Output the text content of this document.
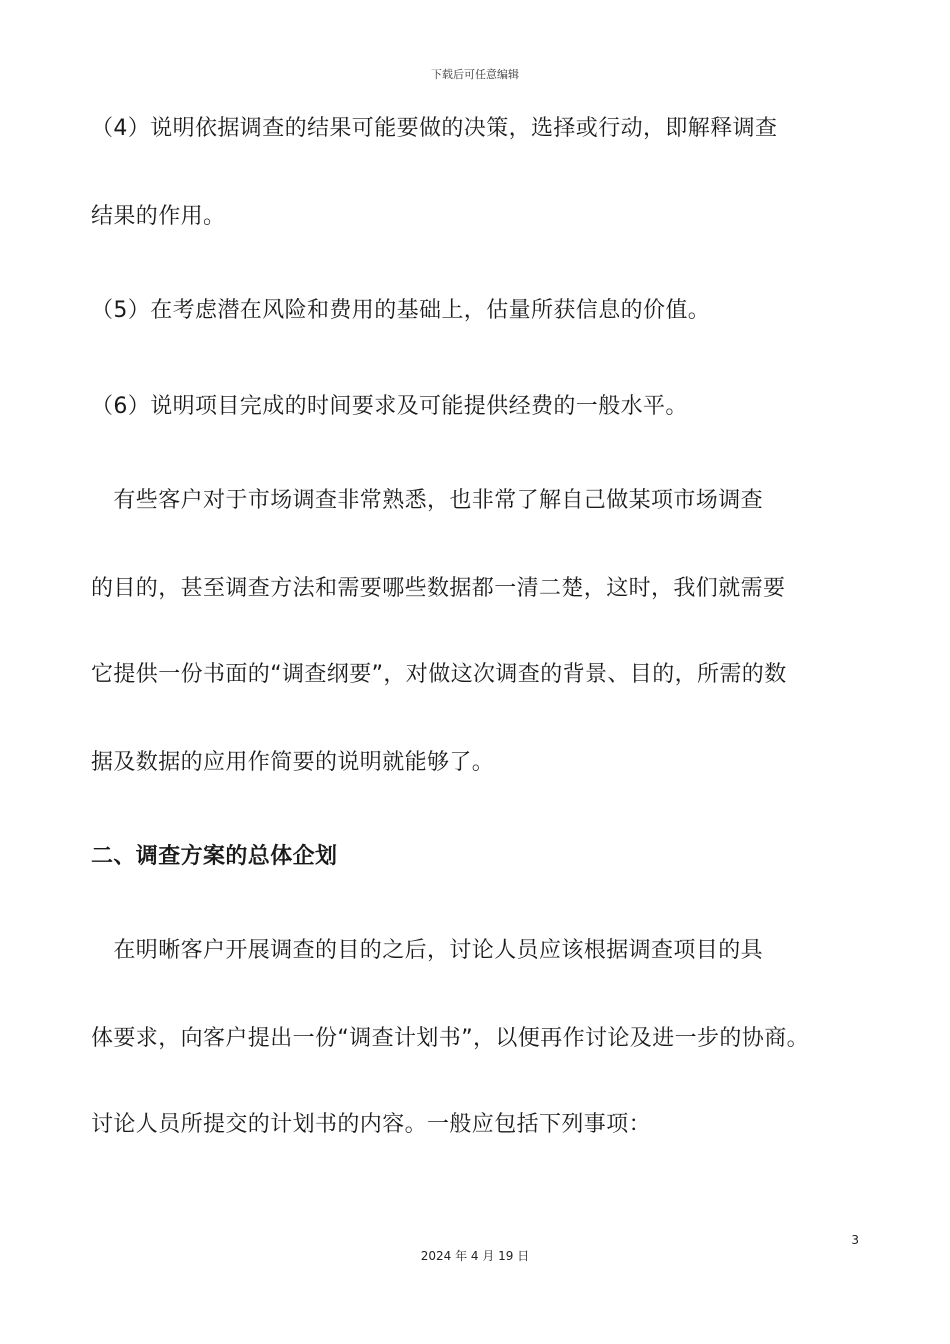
下载后可任意编辑
（4）说明依据调查的结果可能要做的决策，选择或行动，即解释调查
结果的作用。
（5）在考虑潜在风险和费用的基础上，估量所获信息的价值。
（6）说明项目完成的时间要求及可能提供经费的一般水平。
　有些客户对于市场调查非常熟悉，也非常了解自己做某项市场调查
的目的，甚至调查方法和需要哪些数据都一清二楚，这时，我们就需要
它提供一份书面的“调查纲要”，对做这次调查的背景、目的，所需的数
据及数据的应用作简要的说明就能够了。
二、调查方案的总体企划
　在明晰客户开展调查的目的之后，讨论人员应该根据调查项目的具
体要求，向客户提出一份“调查计划书”，以便再作讨论及进一步的协商。
讨论人员所提交的计划书的内容。一般应包括下列事项：
3
2024 年 4 月 19 日
